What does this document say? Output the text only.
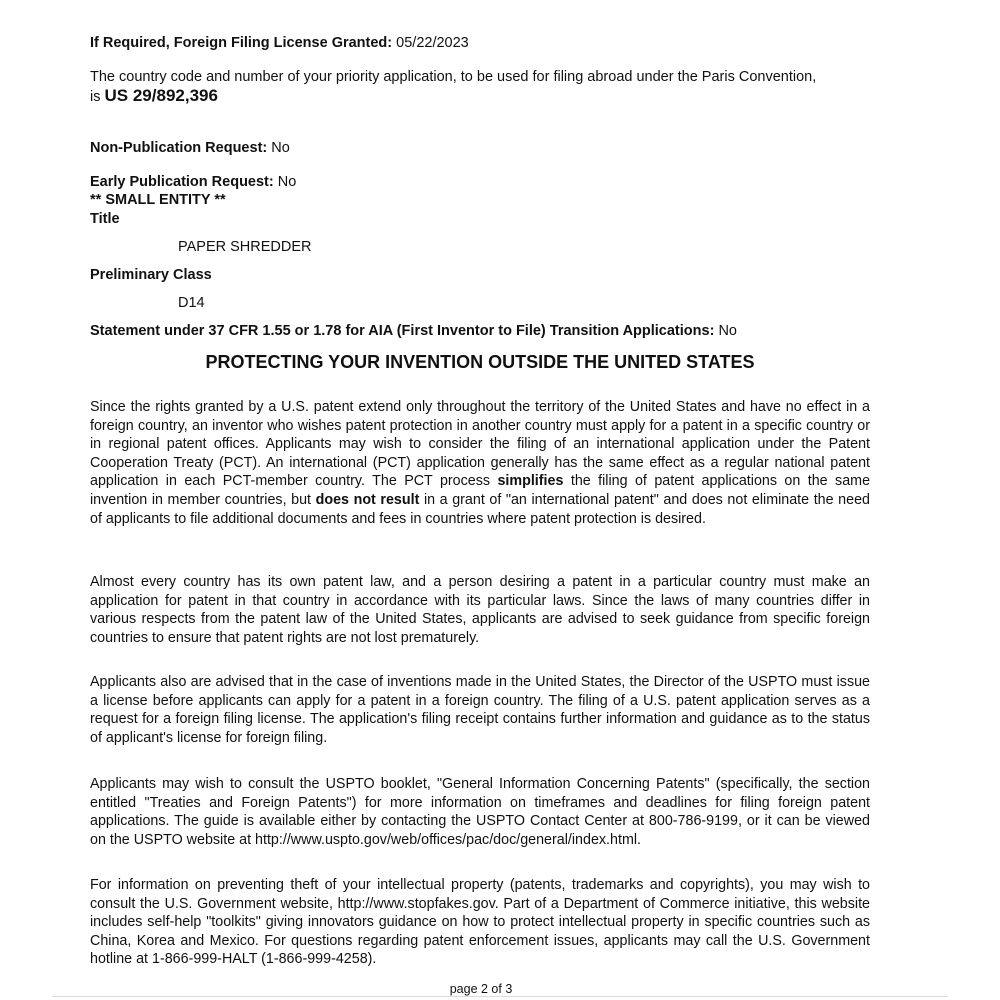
If Required, Foreign Filing License Granted: 05/22/2023

The country code and number of your priority application, to be used for filing abroad under the Paris Convention,

is US 29/892,396

Non-Publication Request: No

Early Publication Request: No

** SMALL ENTITY **

Title

PAPER SHREDDER

Preliminary Class

D14

Statement under 37 CFR 1.55 or 1.78 for AIA (First Inventor to File) Transition Applications: No

PROTECTING YOUR INVENTION OUTSIDE THE UNITED STATES

Since the rights granted by a U.S. patent extend only throughout the territory of the United States and have no effect in a foreign country, an inventor who wishes patent protection in another country must apply for a patent in a specific country or in regional patent offices. Applicants may wish to consider the filing of an international application under the Patent Cooperation Treaty (PCT). An international (PCT) application generally has the same effect as a regular national patent application in each PCT-member country. The PCT process simplifies the filing of patent applications on the same invention in member countries, but does not result in a grant of "an international patent" and does not eliminate the need of applicants to file additional documents and fees in countries where patent protection is desired.

Almost every country has its own patent law, and a person desiring a patent in a particular country must make an application for patent in that country in accordance with its particular laws. Since the laws of many countries differ in various respects from the patent law of the United States, applicants are advised to seek guidance from specific foreign countries to ensure that patent rights are not lost prematurely.

Applicants also are advised that in the case of inventions made in the United States, the Director of the USPTO must issue a license before applicants can apply for a patent in a foreign country. The filing of a U.S. patent application serves as a request for a foreign filing license. The application's filing receipt contains further information and guidance as to the status of applicant's license for foreign filing.

Applicants may wish to consult the USPTO booklet, "General Information Concerning Patents" (specifically, the section entitled "Treaties and Foreign Patents") for more information on timeframes and deadlines for filing foreign patent applications. The guide is available either by contacting the USPTO Contact Center at 800-786-9199, or it can be viewed on the USPTO website at http://www.uspto.gov/web/offices/pac/doc/general/index.html.

For information on preventing theft of your intellectual property (patents, trademarks and copyrights), you may wish to consult the U.S. Government website, http://www.stopfakes.gov. Part of a Department of Commerce initiative, this website includes self-help "toolkits" giving innovators guidance on how to protect intellectual property in specific countries such as China, Korea and Mexico. For questions regarding patent enforcement issues, applicants may call the U.S. Government hotline at 1-866-999-HALT (1-866-999-4258).

page 2 of 3
